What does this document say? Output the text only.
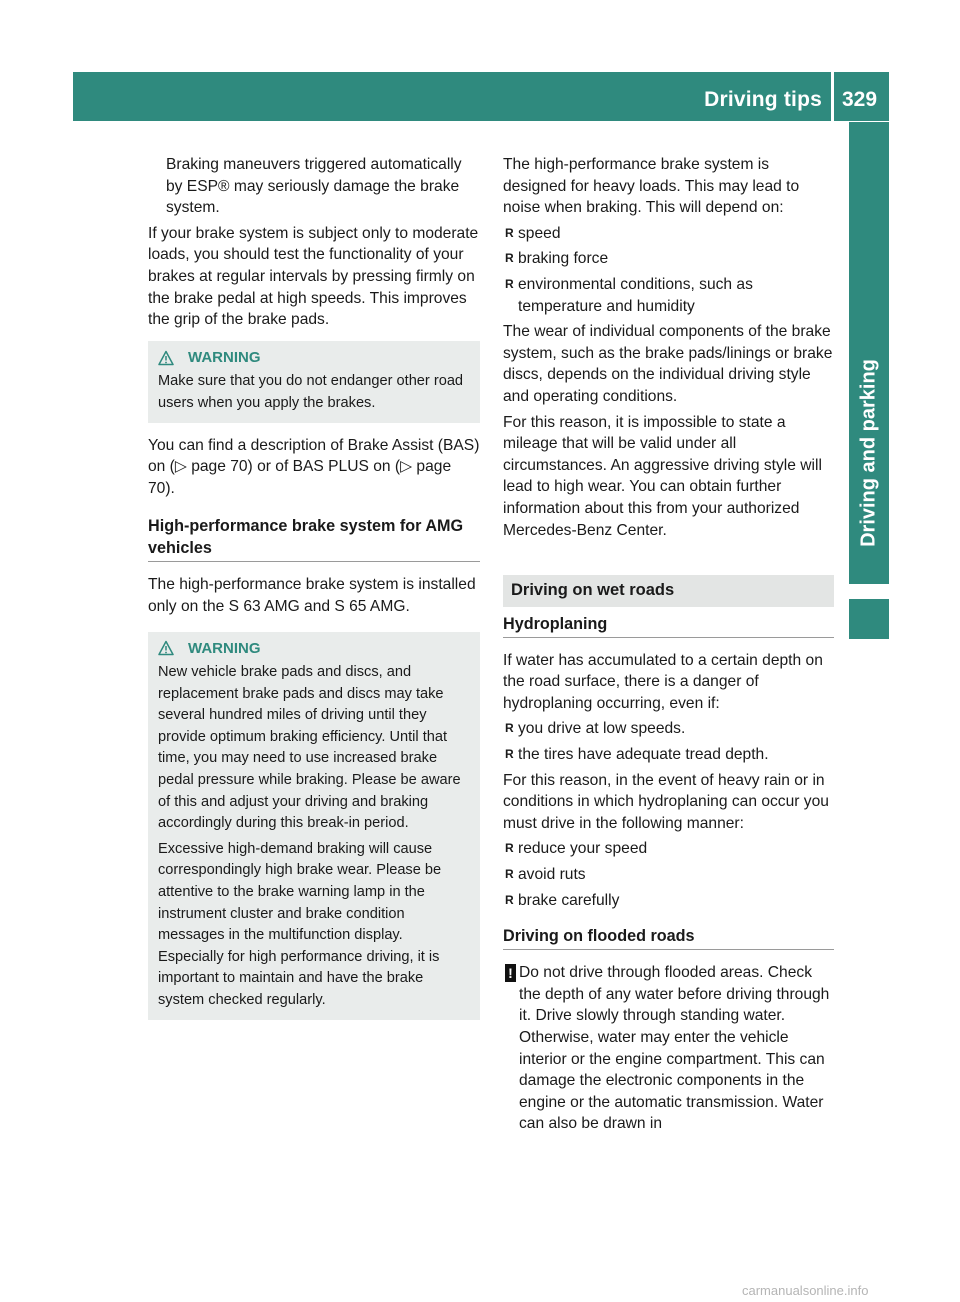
Driving tips 329
Driving and parking

Braking maneuvers triggered automatically by ESP® may seriously damage the brake system.

If your brake system is subject only to moderate loads, you should test the functionality of your brakes at regular intervals by pressing firmly on the brake pedal at high speeds. This improves the grip of the brake pads.

WARNING
Make sure that you do not endanger other road users when you apply the brakes.

You can find a description of Brake Assist (BAS) on (▷ page 70) or of BAS PLUS on (▷ page 70).

High-performance brake system for AMG vehicles

The high-performance brake system is installed only on the S 63 AMG and S 65 AMG.

WARNING
New vehicle brake pads and discs, and replacement brake pads and discs may take several hundred miles of driving until they provide optimum braking efficiency. Until that time, you may need to use increased brake pedal pressure while braking. Please be aware of this and adjust your driving and braking accordingly during this break-in period.
Excessive high-demand braking will cause correspondingly high brake wear. Please be attentive to the brake warning lamp in the instrument cluster and brake condition messages in the multifunction display. Especially for high performance driving, it is important to maintain and have the brake system checked regularly.

The high-performance brake system is designed for heavy loads. This may lead to noise when braking. This will depend on:

R speed
R braking force
R environmental conditions, such as temperature and humidity

The wear of individual components of the brake system, such as the brake pads/linings or brake discs, depends on the individual driving style and operating conditions.

For this reason, it is impossible to state a mileage that will be valid under all circumstances. An aggressive driving style will lead to high wear. You can obtain further information about this from your authorized Mercedes-Benz Center.

Driving on wet roads
Hydroplaning

If water has accumulated to a certain depth on the road surface, there is a danger of hydroplaning occurring, even if:

R you drive at low speeds.
R the tires have adequate tread depth.

For this reason, in the event of heavy rain or in conditions in which hydroplaning can occur you must drive in the following manner:

R reduce your speed
R avoid ruts
R brake carefully
Driving on flooded roads
! Do not drive through flooded areas. Check the depth of any water before driving through it. Drive slowly through standing water. Otherwise, water may enter the vehicle interior or the engine compartment. This can damage the electronic components in the engine or the automatic transmission. Water can also be drawn in
carmanualsonline.info
